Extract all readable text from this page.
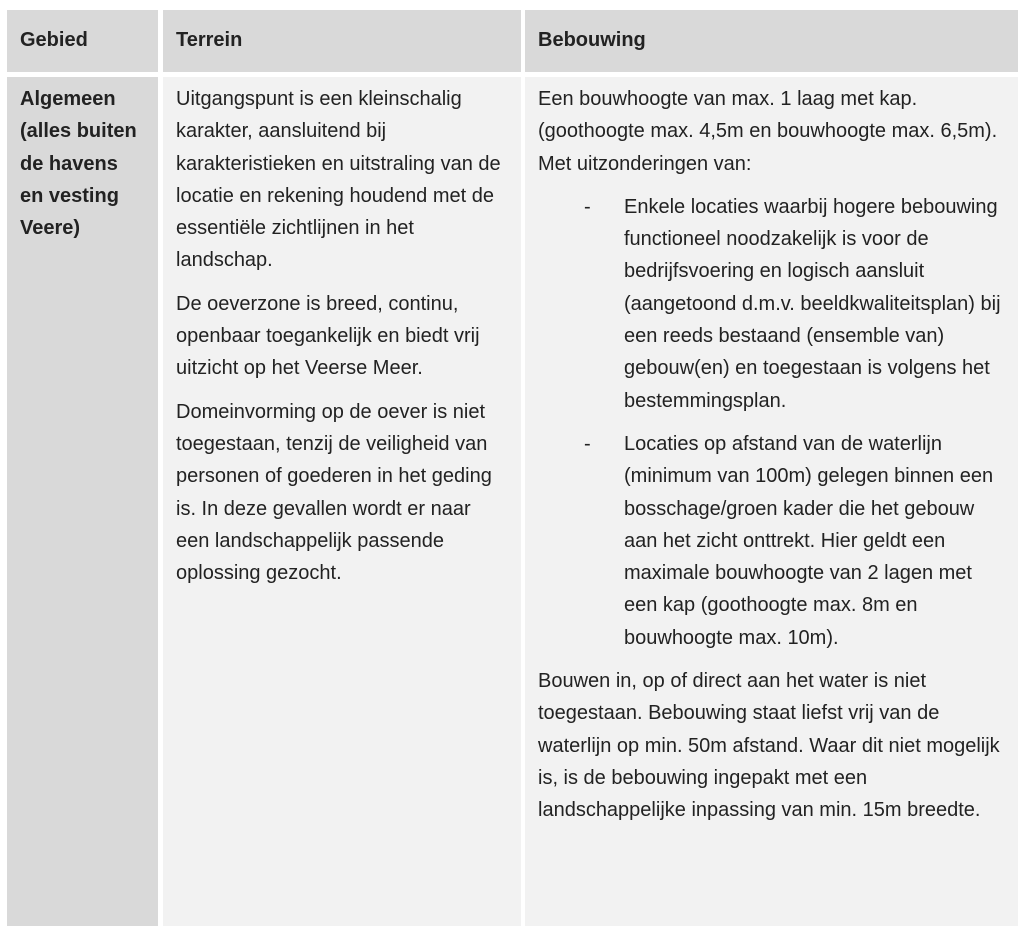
Gebied	Terrein	Bebouwing
Algemeen (alles buiten de havens en vesting Veere)

Uitgangspunt is een kleinschalig karakter, aansluitend bij karakteristieken en uitstraling van de locatie en rekening houdend met de essentiële zichtlijnen in het landschap.

De oeverzone is breed, continu, openbaar toegankelijk en biedt vrij uitzicht op het Veerse Meer.

Domeinvorming op de oever is niet toegestaan, tenzij de veiligheid van personen of goederen in het geding is. In deze gevallen wordt er naar een landschappelijk passende oplossing gezocht.

Een bouwhoogte van max. 1 laag met kap. (goothoogte max. 4,5m en bouwhoogte max. 6,5m). Met uitzonderingen van:

- Enkele locaties waarbij hogere bebouwing functioneel noodzakelijk is voor de bedrijfsvoering en logisch aansluit (aangetoond d.m.v. beeldkwaliteitsplan) bij een reeds bestaand (ensemble van) gebouw(en) en toegestaan is volgens het bestemmingsplan.
- Locaties op afstand van de waterlijn (minimum van 100m) gelegen binnen een bosschage/groen kader die het gebouw aan het zicht onttrekt. Hier geldt een maximale bouwhoogte van 2 lagen met een kap (goothoogte max. 8m en bouwhoogte max. 10m).

Bouwen in, op of direct aan het water is niet toegestaan. Bebouwing staat liefst vrij van de waterlijn op min. 50m afstand. Waar dit niet mogelijk is, is de bebouwing ingepakt met een landschappelijke inpassing van min. 15m breedte.
